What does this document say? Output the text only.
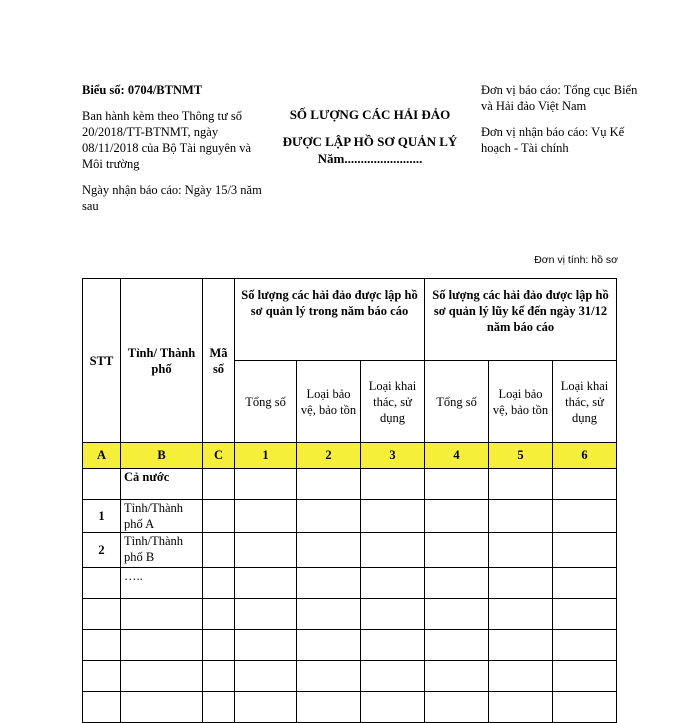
Biểu số: 0704/BTNMT

Ban hành kèm theo Thông tư số 20/2018/TT-BTNMT, ngày 08/11/2018 của Bộ Tài nguyên và Môi trường

Ngày nhận báo cáo: Ngày 15/3 năm sau

SỐ LƯỢNG CÁC HẢI ĐẢO
ĐƯỢC LẬP HỒ SƠ QUẢN LÝ
Năm........................

Đơn vị báo cáo: Tổng cục Biển và Hải đảo Việt Nam

Đơn vị nhận báo cáo: Vụ Kế hoạch - Tài chính

Đơn vị tính: hồ sơ
STT	Tỉnh/ Thành phố	Mã số	Số lượng các hải đảo được lập hồ sơ quản lý trong năm báo cáo			Số lượng các hải đảo được lập hồ sơ quản lý lũy kế đến ngày 31/12 năm báo cáo		
			Tổng số	Loại bảo vệ, bảo tồn	Loại khai thác, sử dụng	Tổng số	Loại bảo vệ, bảo tồn	Loại khai thác, sử dụng
A	B	C	1	2	3	4	5	6
	Cả nước							
1	Tỉnh/Thành phố A							
2	Tỉnh/Thành phố B							
	…..							
